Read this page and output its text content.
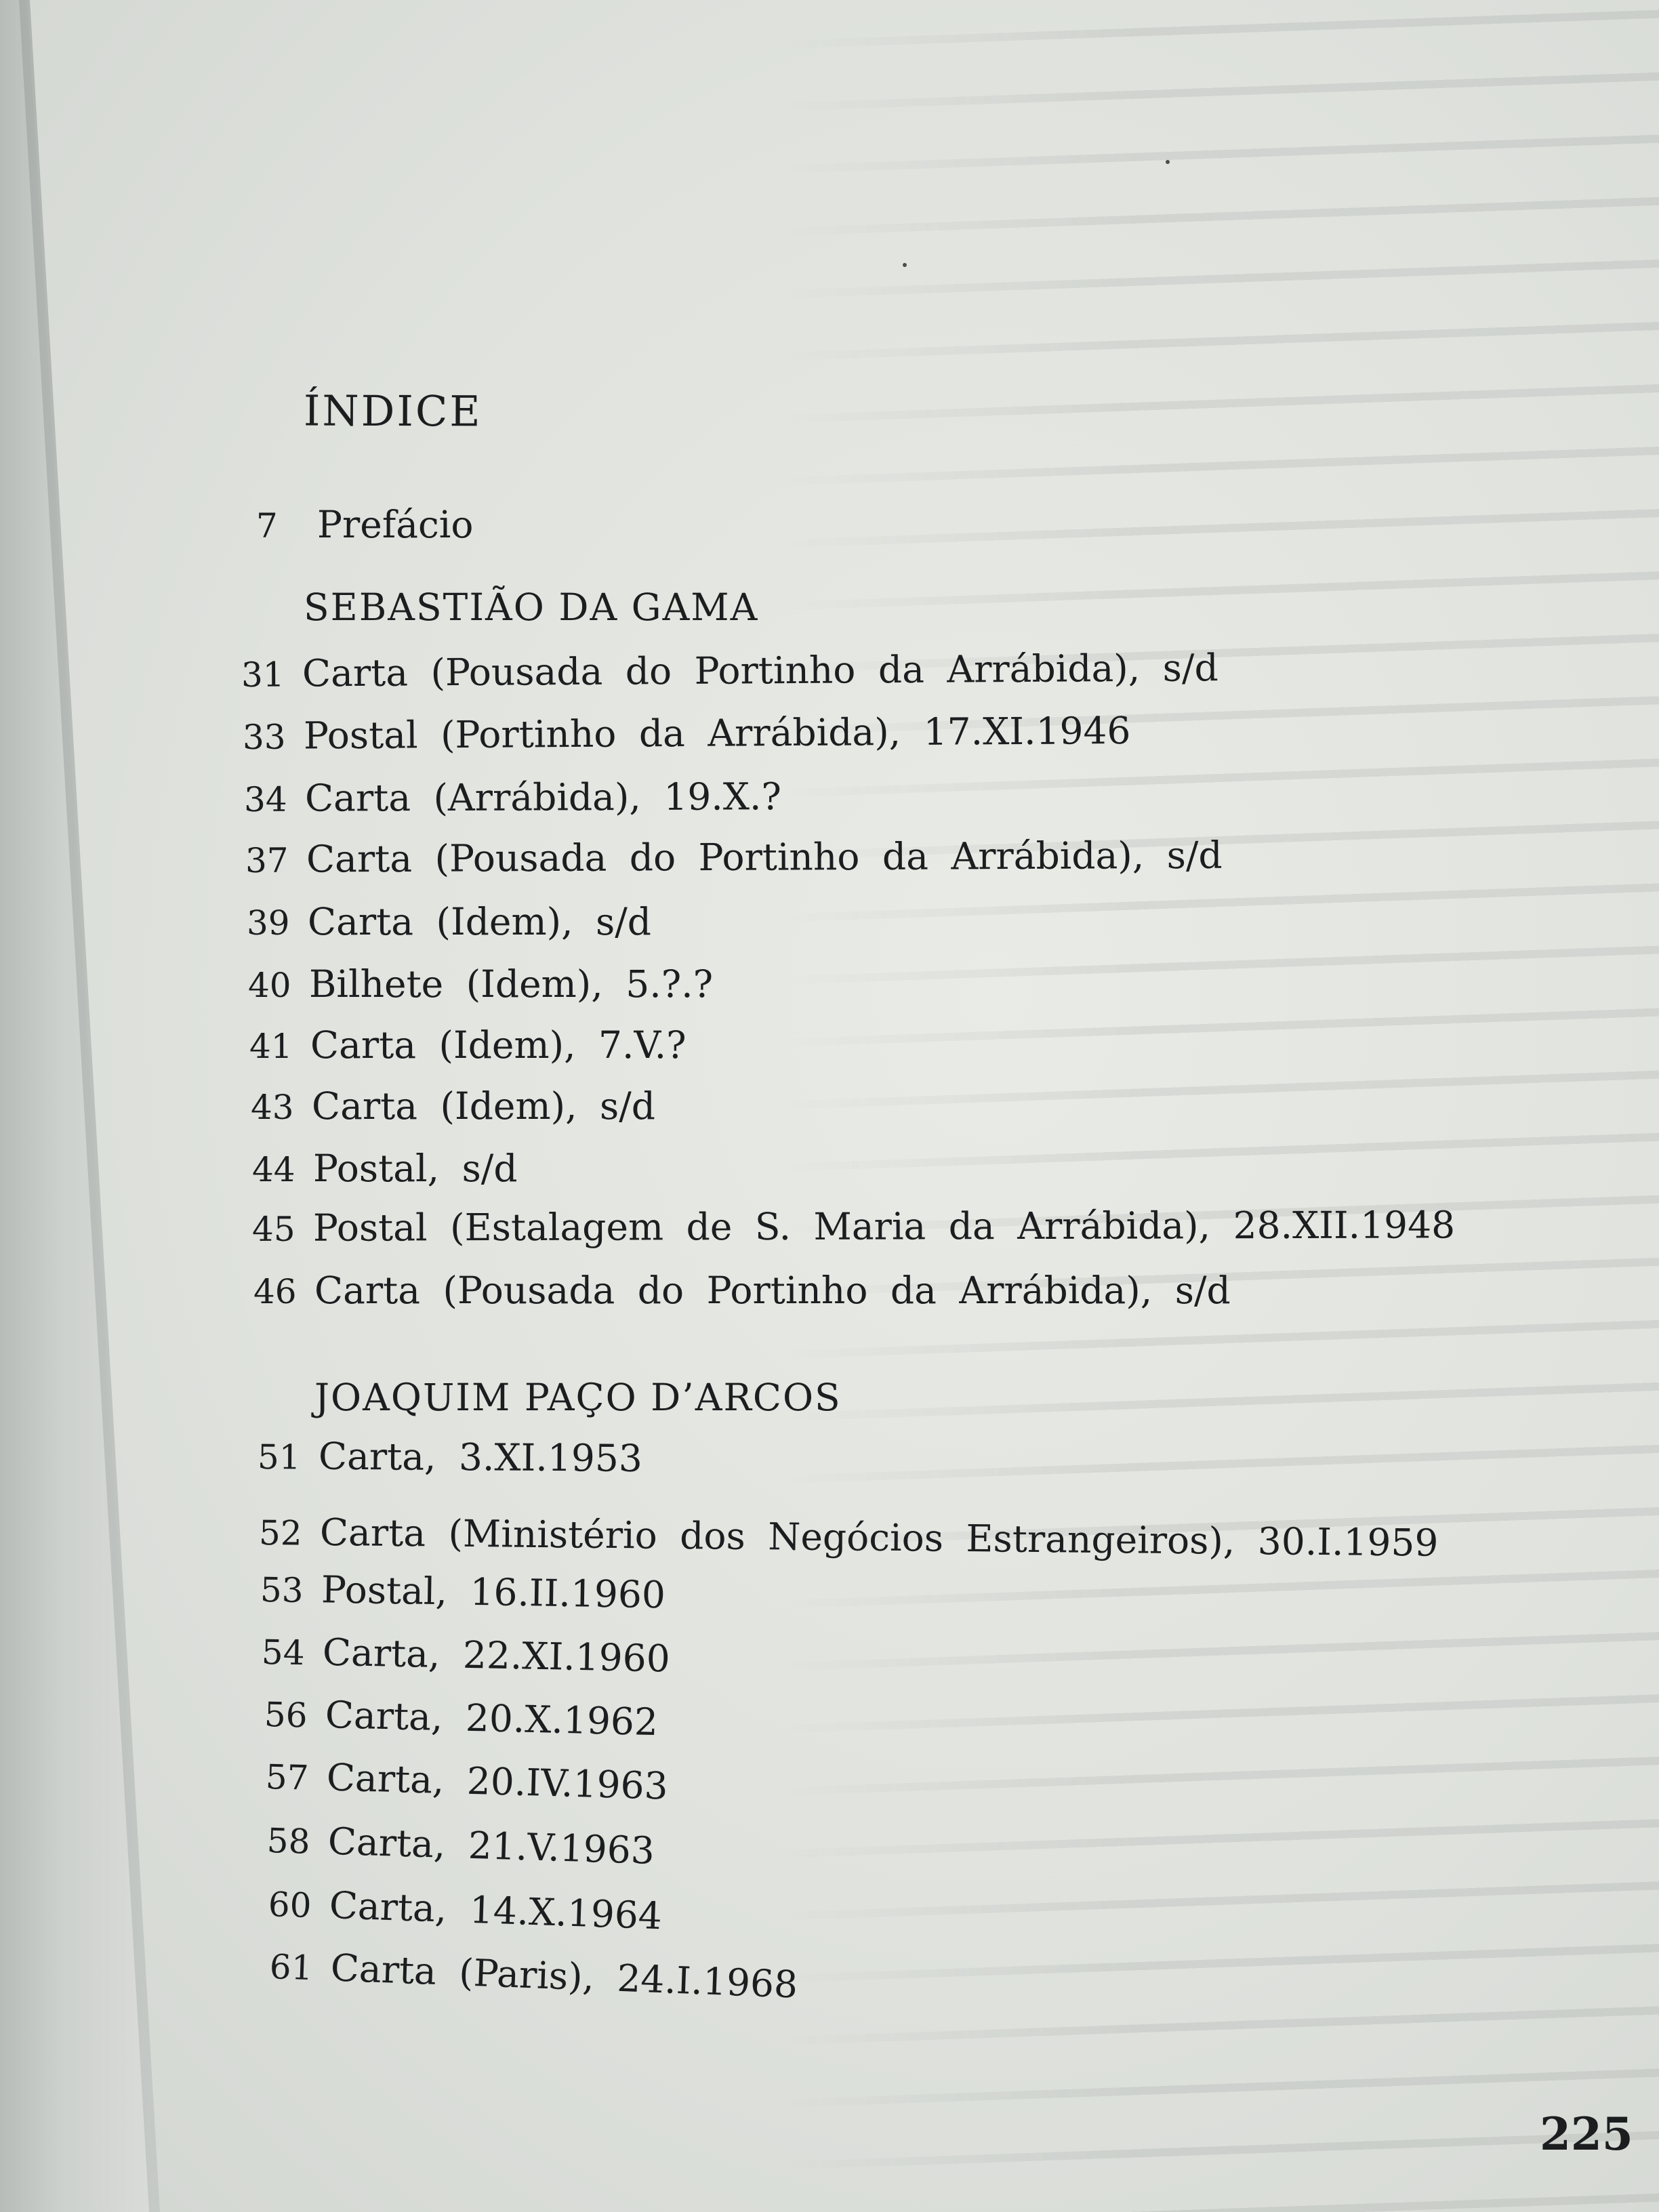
ÍNDICE
7 Prefácio
SEBASTIÃO DA GAMA
31 Carta (Pousada do Portinho da Arrábida), s/d
33 Postal (Portinho da Arrábida), 17.XI.1946
34 Carta (Arrábida), 19.X.?
37 Carta (Pousada do Portinho da Arrábida), s/d
39 Carta (Idem), s/d
40 Bilhete (Idem), 5.?.?
41 Carta (Idem), 7.V.?
43 Carta (Idem), s/d
44 Postal, s/d
45 Postal (Estalagem de S. Maria da Arrábida), 28.XII.1948
46 Carta (Pousada do Portinho da Arrábida), s/d
JOAQUIM PAÇO D’ARCOS
51 Carta, 3.XI.1953
52 Carta (Ministério dos Negócios Estrangeiros), 30.I.1959
53 Postal, 16.II.1960
54 Carta, 22.XI.1960
56 Carta, 20.X.1962
57 Carta, 20.IV.1963
58 Carta, 21.V.1963
60 Carta, 14.X.1964
61 Carta (Paris), 24.I.1968
225
